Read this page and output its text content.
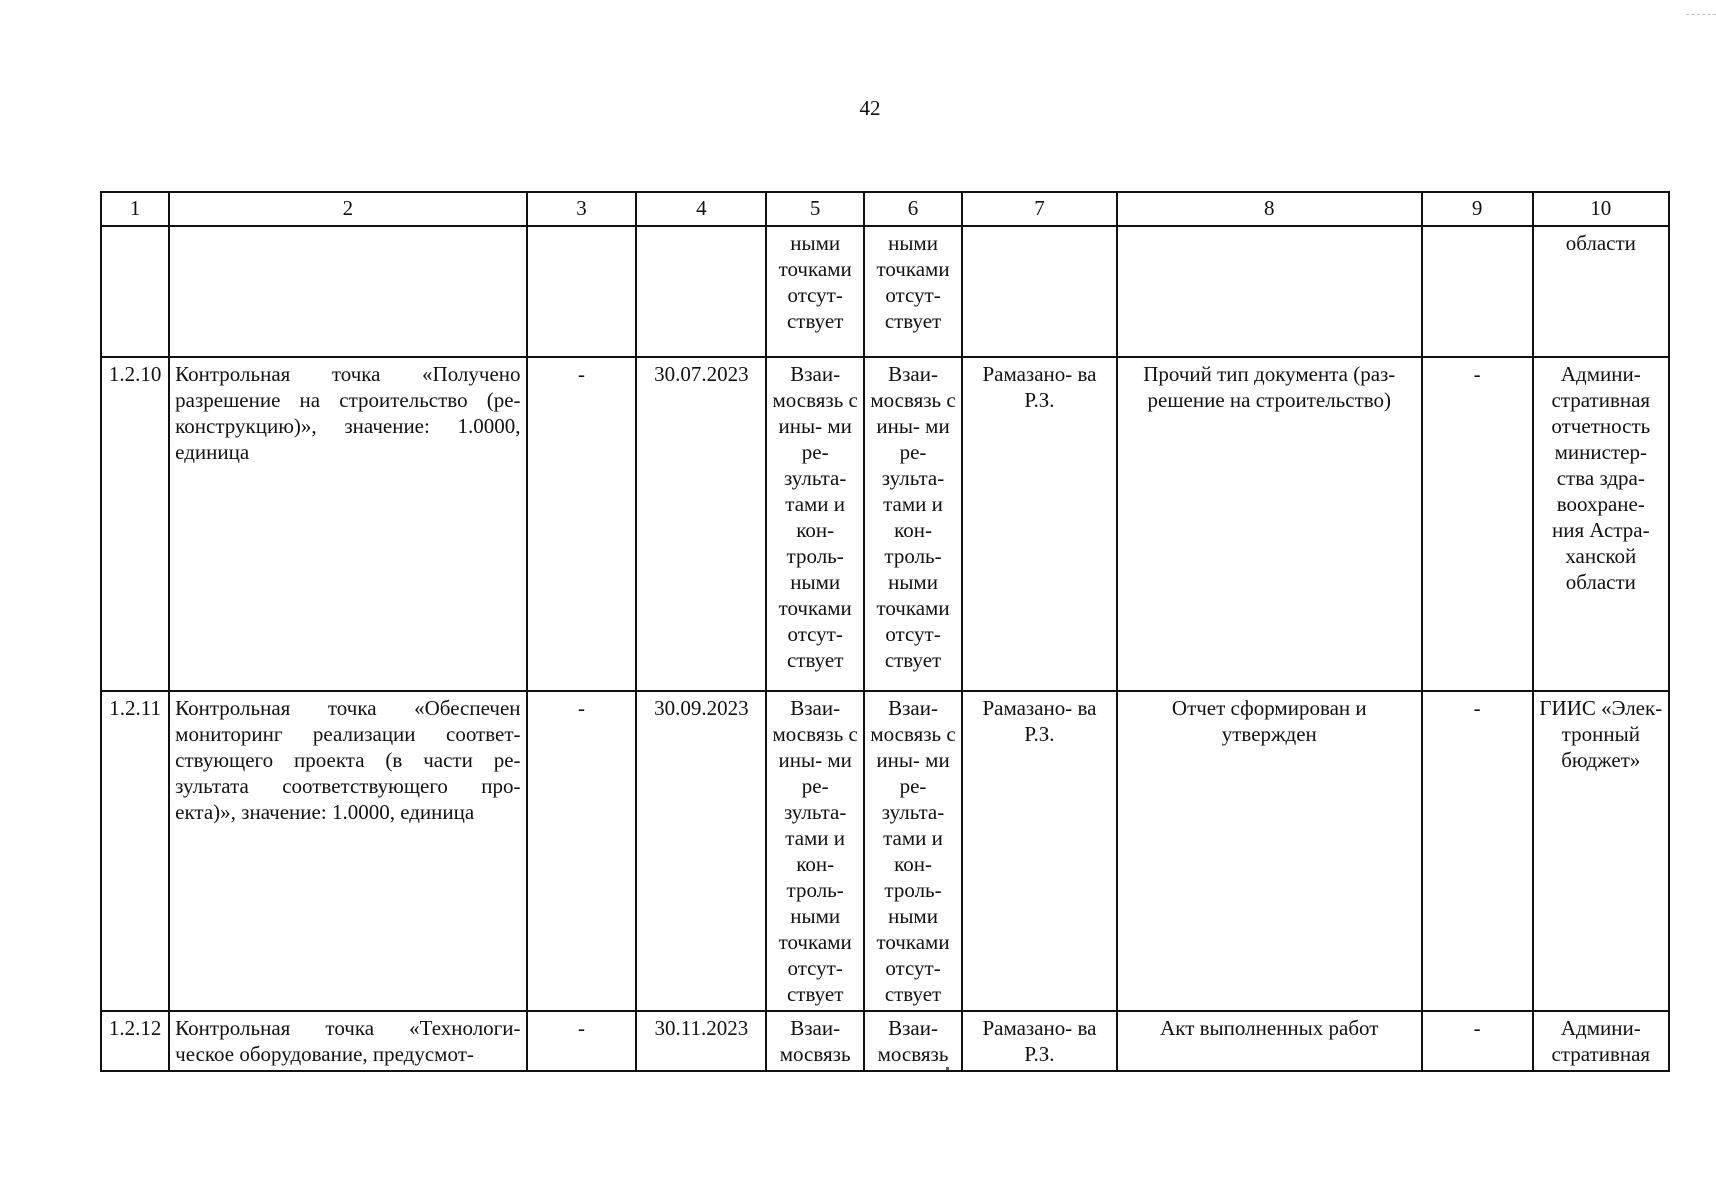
42
1	2	3	4	5	6	7	8	9	10
				ными точками отсут- ствует	ными точками отсут- ствует				области
1.2.10	Контрольная точка «Получено разрешение на строительство (ре- конструкцию)», значение: 1.0000, единица	-	30.07.2023	Взаи- мосвязь с ины- ми ре- зульта- тами и кон- троль- ными точками отсут- ствует	Взаи- мосвязь с ины- ми ре- зульта- тами и кон- троль- ными точками отсут- ствует	Рамазано- ва Р.З.	Прочий тип документа (раз- решение на строительство)	-	Админи- стративная отчетность министер- ства здра- воохране- ния Астра- ханской области
1.2.11	Контрольная точка «Обеспечен мониторинг реализации соответ- ствующего проекта (в части ре- зультата соответствующего про- екта)», значение: 1.0000, единица	-	30.09.2023	Взаи- мосвязь с ины- ми ре- зульта- тами и кон- троль- ными точками отсут- ствует	Взаи- мосвязь с ины- ми ре- зульта- тами и кон- троль- ными точками отсут- ствует	Рамазано- ва Р.З.	Отчет сформирован и утвержден	-	ГИИС «Элек- тронный бюджет»
1.2.12	Контрольная точка «Технологи- ческое оборудование, предусмот-	-	30.11.2023	Взаи- мосвязь	Взаи- мосвязь	Рамазано- ва Р.З.	Акт выполненных работ	-	Админи- стративная
